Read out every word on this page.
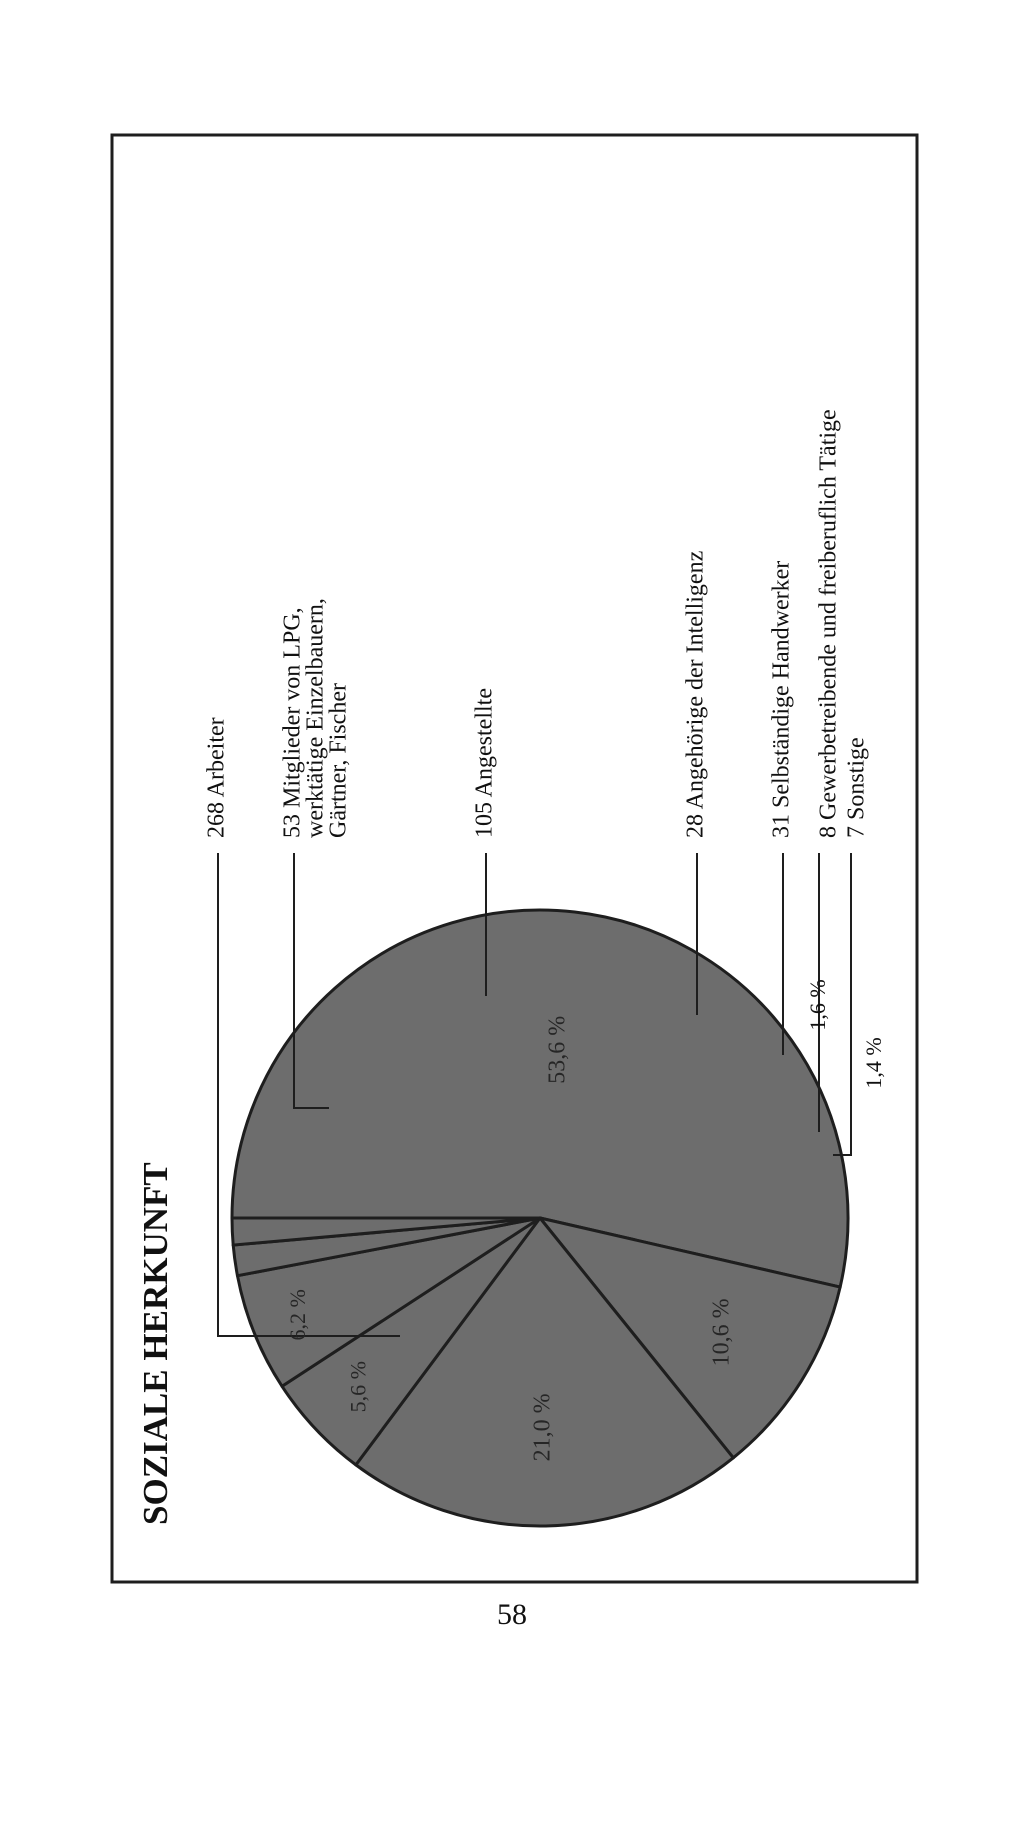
SOZIALE HERKUNFT
53,6 %
10,6 %
21,0 %
5,6 %
6,2 %
1,6 %
1,4 %
268 Arbeiter 53 Mitglieder von LPG,
werktätige Einzelbauern,
Gärtner, Fischer	105 Angestellte	28 Angehörige der Intelligenz 31 Selbständige Handwerker 8 Gewerbetreibende und freiberuflich Tätige 7 Sonstige
58
